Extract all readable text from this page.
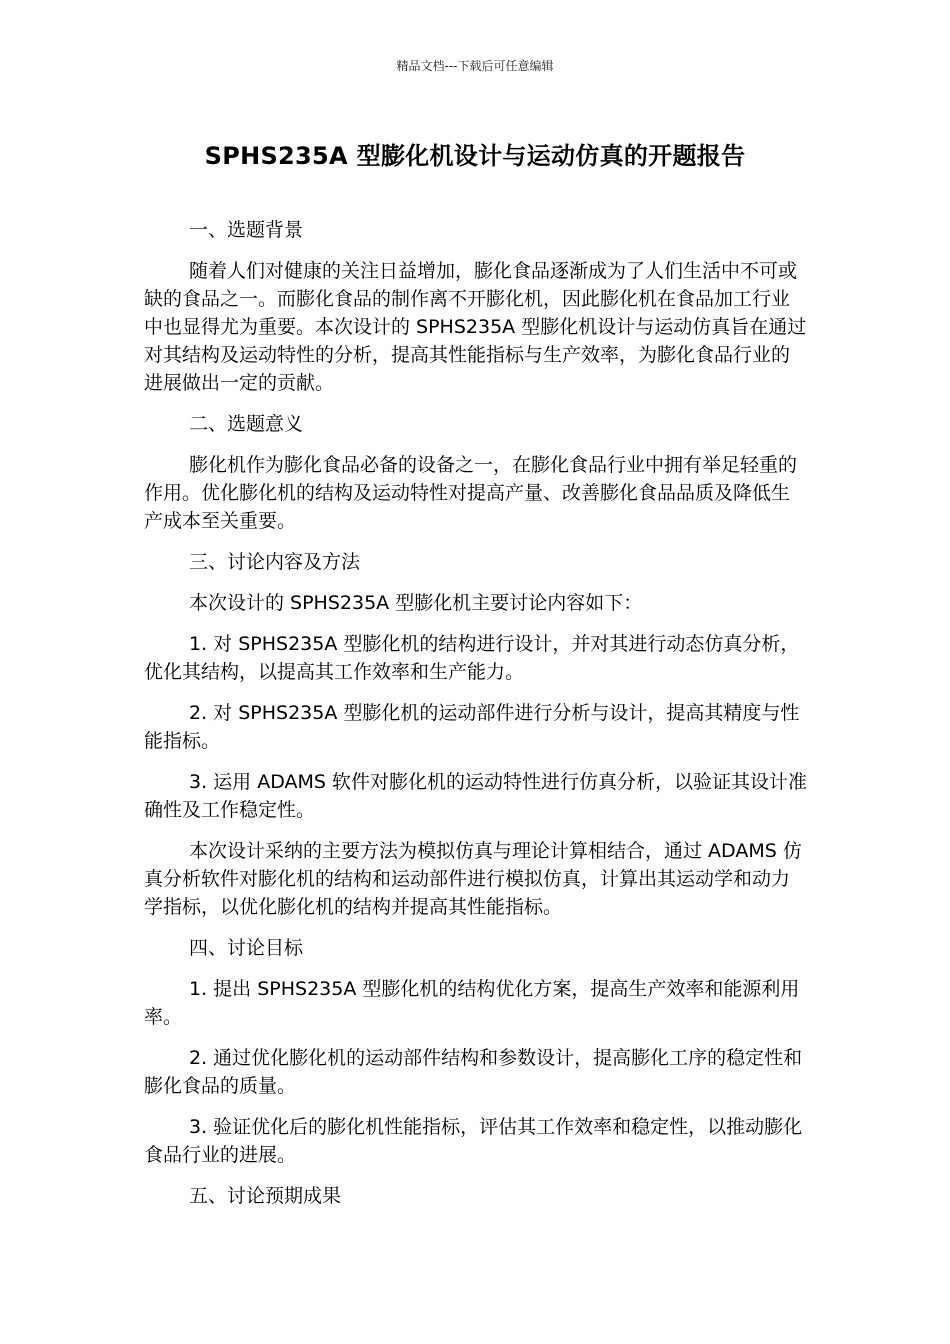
精品文档---下载后可任意编辑
SPHS235A 型膨化机设计与运动仿真的开题报告

一、选题背景

随着人们对健康的关注日益增加，膨化食品逐渐成为了人们生活中不可或缺的食品之一。而膨化食品的制作离不开膨化机，因此膨化机在食品加工行业中也显得尤为重要。本次设计的 SPHS235A 型膨化机设计与运动仿真旨在通过对其结构及运动特性的分析，提高其性能指标与生产效率，为膨化食品行业的进展做出一定的贡献。

二、选题意义

膨化机作为膨化食品必备的设备之一，在膨化食品行业中拥有举足轻重的作用。优化膨化机的结构及运动特性对提高产量、改善膨化食品品质及降低生产成本至关重要。

三、讨论内容及方法

本次设计的 SPHS235A 型膨化机主要讨论内容如下：

1. 对 SPHS235A 型膨化机的结构进行设计，并对其进行动态仿真分析，优化其结构，以提高其工作效率和生产能力。

2. 对 SPHS235A 型膨化机的运动部件进行分析与设计，提高其精度与性能指标。

3. 运用 ADAMS 软件对膨化机的运动特性进行仿真分析，以验证其设计准确性及工作稳定性。

本次设计采纳的主要方法为模拟仿真与理论计算相结合，通过 ADAMS 仿真分析软件对膨化机的结构和运动部件进行模拟仿真，计算出其运动学和动力学指标，以优化膨化机的结构并提高其性能指标。

四、讨论目标

1. 提出 SPHS235A 型膨化机的结构优化方案，提高生产效率和能源利用率。

2. 通过优化膨化机的运动部件结构和参数设计，提高膨化工序的稳定性和膨化食品的质量。

3. 验证优化后的膨化机性能指标，评估其工作效率和稳定性，以推动膨化食品行业的进展。

五、讨论预期成果
